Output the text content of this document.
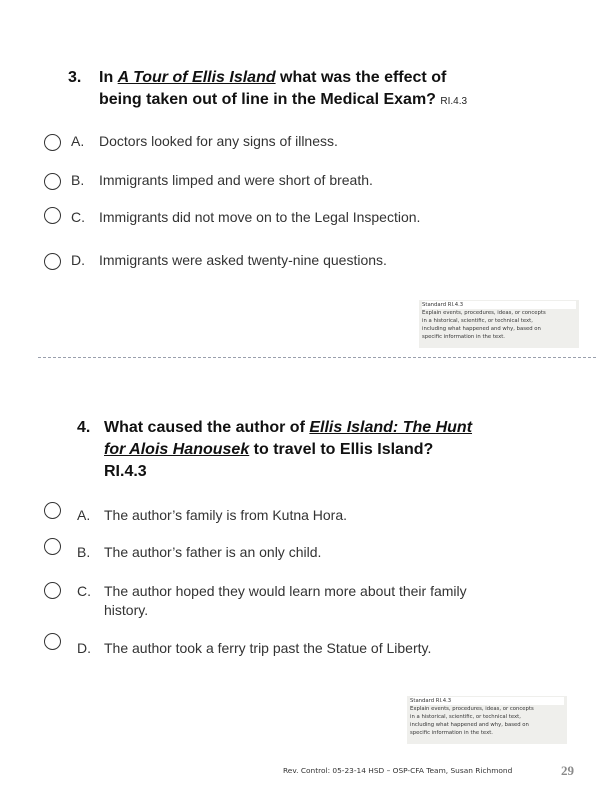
3. In A Tour of Ellis Island what was the effect of
being taken out of line in the Medical Exam? RI.4.3
A. Doctors looked for any signs of illness.
B. Immigrants limped and were short of breath.
C. Immigrants did not move on to the Legal Inspection.
D. Immigrants were asked twenty-nine questions.
Standard RI.4.3
Explain events, procedures, ideas, or concepts
in a historical, scientific, or technical text,
including what happened and why, based on
specific information in the text.
4. What caused the author of Ellis Island: The Hunt
for Alois Hanousek to travel to Ellis Island?
RI.4.3
A. The author’s family is from Kutna Hora.
B. The author’s father is an only child.
C. The author hoped they would learn more about their family
history.
D. The author took a ferry trip past the Statue of Liberty.
Standard RI.4.3
Explain events, procedures, ideas, or concepts
in a historical, scientific, or technical text,
including what happened and why, based on
specific information in the text.
Rev. Control: 05-23-14 HSD – OSP-CFA Team, Susan Richmond	29
